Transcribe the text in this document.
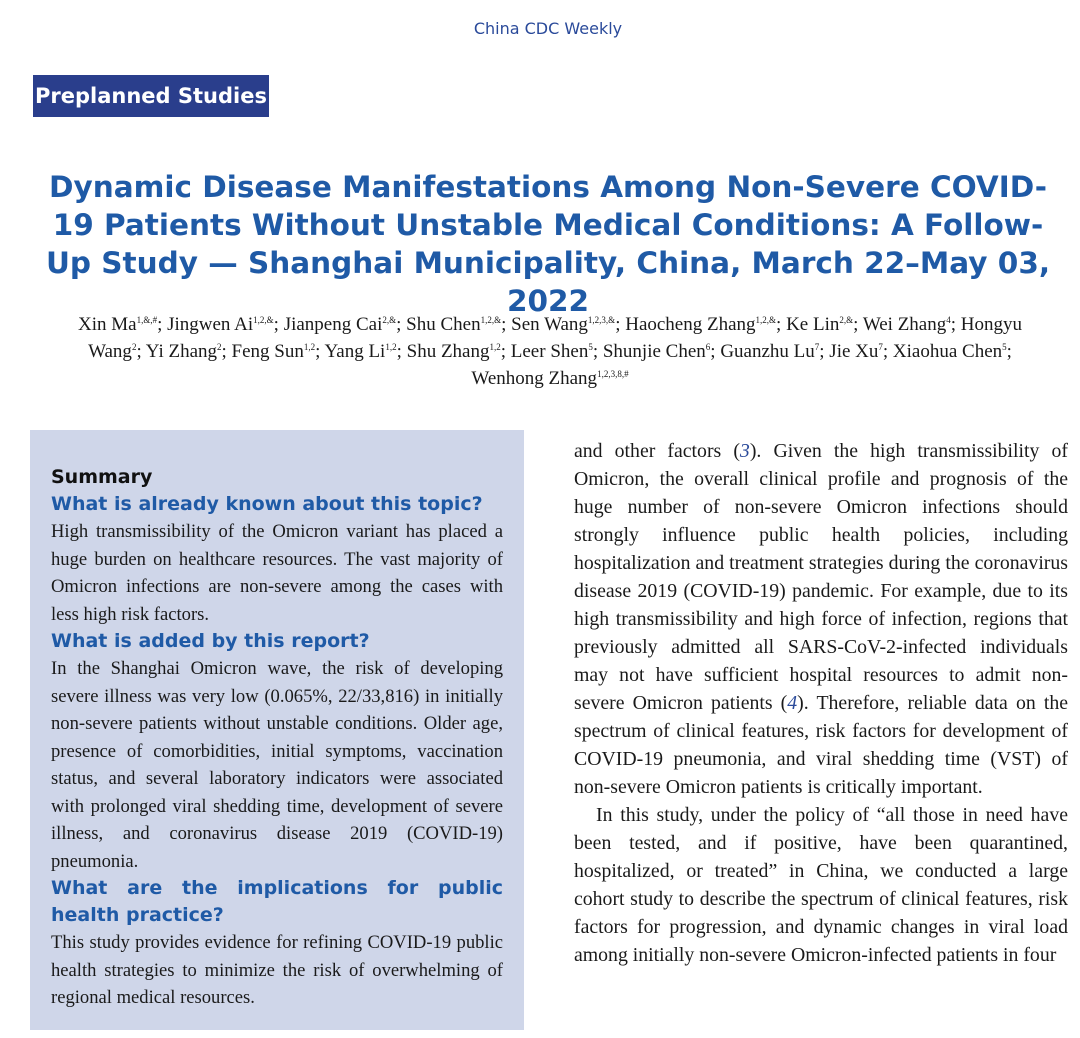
China CDC Weekly
Preplanned Studies
Dynamic Disease Manifestations Among Non-Severe COVID-19 Patients Without Unstable Medical Conditions: A Follow-Up Study — Shanghai Municipality, China, March 22–May 03, 2022
Xin $Ma^{1,\&,\#}$; Jingwen $Ai^{1,2,\&}$; Jianpeng Cai$^{2,\&}$; Shu Chen$^{1,2,\&}$; Sen Wang$^{1,2,3,\&}$; Haocheng Zhang$^{1,2,\&}$; Ke Lin$^{2,\&}$; Wei Zhang$^4$; Hongyu Wang$^2$; Yi Zhang$^2$; Feng Sun$^{1,2}$; Yang Li$^{1,2}$; Shu Zhang$^{1,2}$; Leer Shen$^5$; Shunjie Chen$^6$; Guanzhu Lu$^7$; Jie Xu$^7$; Xiaohua Chen$^5$; Wenhong Zhang$^{1,2,3,8,\#}$
Summary
What is already known about this topic?

High transmissibility of the Omicron variant has placed a huge burden on healthcare resources. The vast majority of Omicron infections are non-severe among the cases with less high risk factors.

What is added by this report?

In the Shanghai Omicron wave, the risk of developing severe illness was very low (0.065%, 22/33,816) in initially non-severe patients without unstable conditions. Older age, presence of comorbidities, initial symptoms, vaccination status, and several laboratory indicators were associated with prolonged viral shedding time, development of severe illness, and coronavirus disease 2019 (COVID-19) pneumonia.

What are the implications for public health practice?

This study provides evidence for refining COVID-19 public health strategies to minimize the risk of overwhelming of regional medical resources.

and other factors (3). Given the high transmissibility of Omicron, the overall clinical profile and prognosis of the huge number of non-severe Omicron infections should strongly influence public health policies, including hospitalization and treatment strategies during the coronavirus disease 2019 (COVID-19) pandemic. For example, due to its high transmissibility and high force of infection, regions that previously admitted all SARS-CoV-2-infected individuals may not have sufficient hospital resources to admit non-severe Omicron patients (4). Therefore, reliable data on the spectrum of clinical features, risk factors for development of COVID-19 pneumonia, and viral shedding time (VST) of non-severe Omicron patients is critically important.

In this study, under the policy of “all those in need have been tested, and if positive, have been quarantined, hospitalized, or treated” in China, we conducted a large cohort study to describe the spectrum of clinical features, risk factors for progression, and dynamic changes in viral load among initially non-severe Omicron-infected patients in four
